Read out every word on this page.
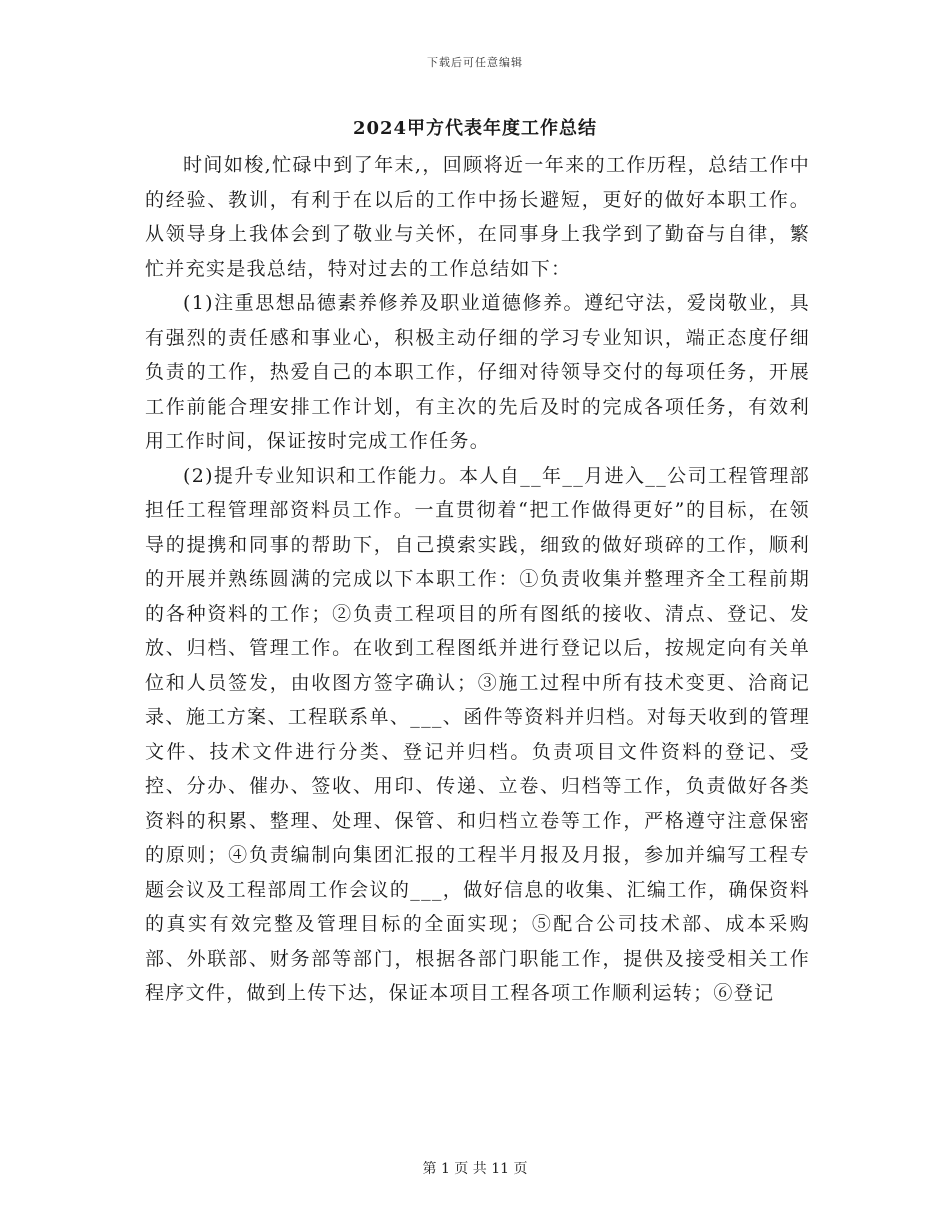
下载后可任意编辑
2024甲方代表年度工作总结

时间如梭,忙碌中到了年末,，回顾将近一年来的工作历程，总结工作中的经验、教训，有利于在以后的工作中扬长避短，更好的做好本职工作。从领导身上我体会到了敬业与关怀，在同事身上我学到了勤奋与自律，繁忙并充实是我总结，特对过去的工作总结如下：

(1)注重思想品德素养修养及职业道德修养。遵纪守法，爱岗敬业，具有强烈的责任感和事业心，积极主动仔细的学习专业知识，端正态度仔细负责的工作，热爱自己的本职工作，仔细对待领导交付的每项任务，开展工作前能合理安排工作计划，有主次的先后及时的完成各项任务，有效利用工作时间，保证按时完成工作任务。

(2)提升专业知识和工作能力。本人自__年__月进入__公司工程管理部担任工程管理部资料员工作。一直贯彻着“把工作做得更好”的目标，在领导的提携和同事的帮助下，自己摸索实践，细致的做好琐碎的工作，顺利的开展并熟练圆满的完成以下本职工作：①负责收集并整理齐全工程前期的各种资料的工作；②负责工程项目的所有图纸的接收、清点、登记、发放、归档、管理工作。在收到工程图纸并进行登记以后，按规定向有关单位和人员签发，由收图方签字确认；③施工过程中所有技术变更、洽商记录、施工方案、工程联系单、___、函件等资料并归档。对每天收到的管理文件、技术文件进行分类、登记并归档。负责项目文件资料的登记、受控、分办、催办、签收、用印、传递、立卷、归档等工作，负责做好各类资料的积累、整理、处理、保管、和归档立卷等工作，严格遵守注意保密的原则；④负责编制向集团汇报的工程半月报及月报，参加并编写工程专题会议及工程部周工作会议的___，做好信息的收集、汇编工作，确保资料的真实有效完整及管理目标的全面实现；⑤配合公司技术部、成本采购部、外联部、财务部等部门，根据各部门职能工作，提供及接受相关工作程序文件，做到上传下达，保证本项目工程各项工作顺利运转；⑥登记

第 1 页 共 11 页
